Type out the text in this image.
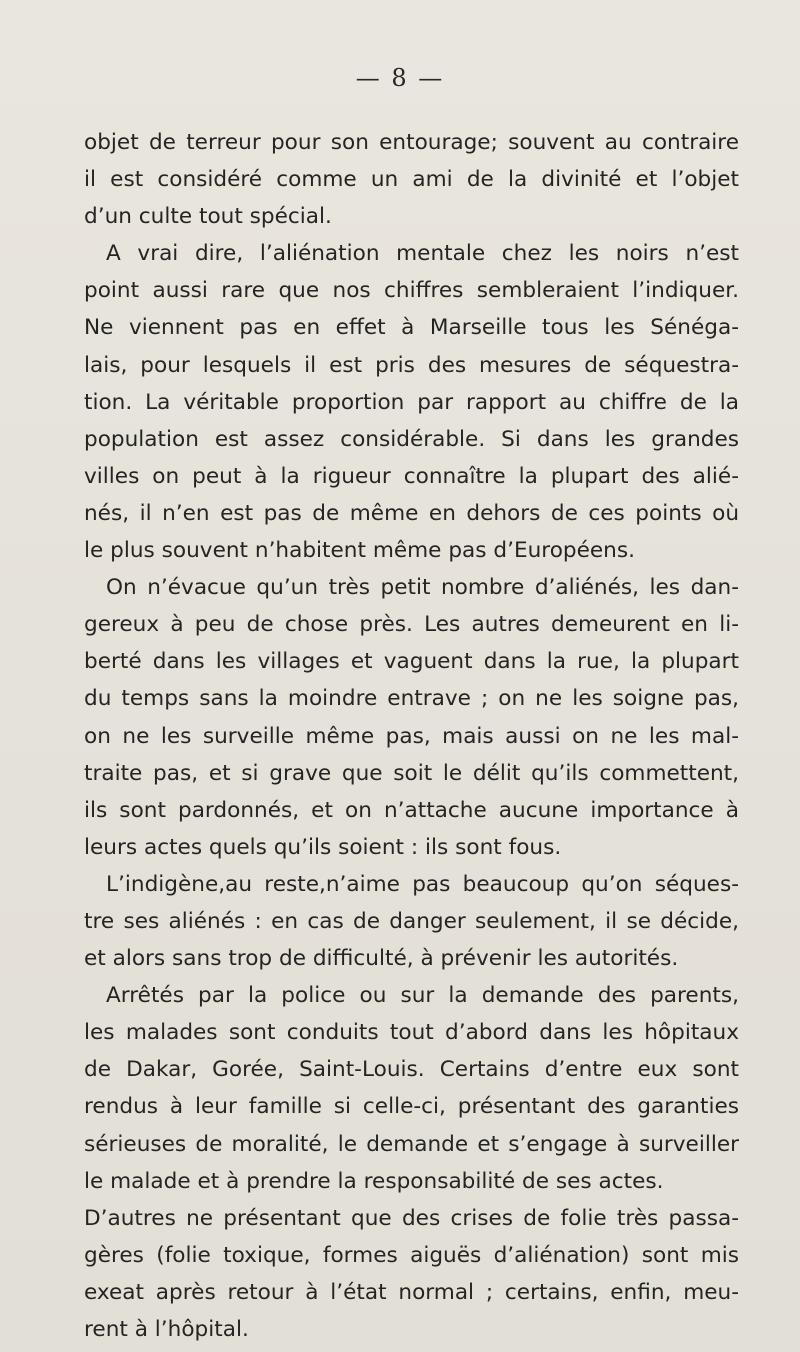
— 8 —
objet de terreur pour son entourage; souvent au contraire
il est considéré comme un ami de la divinité et l’objet
d’un culte tout spécial.
A vrai dire, l’aliénation mentale chez les noirs n’est
point aussi rare que nos chiffres sembleraient l’indiquer.
Ne viennent pas en effet à Marseille tous les Sénéga-
lais, pour lesquels il est pris des mesures de séquestra-
tion. La véritable proportion par rapport au chiffre de la
population est assez considérable. Si dans les grandes
villes on peut à la rigueur connaître la plupart des alié-
nés, il n’en est pas de même en dehors de ces points où
le plus souvent n’habitent même pas d’Européens.
On n’évacue qu’un très petit nombre d’aliénés, les dan-
gereux à peu de chose près. Les autres demeurent en li-
berté dans les villages et vaguent dans la rue, la plupart
du temps sans la moindre entrave ; on ne les soigne pas,
on ne les surveille même pas, mais aussi on ne les mal-
traite pas, et si grave que soit le délit qu’ils commettent,
ils sont pardonnés, et on n’attache aucune importance à
leurs actes quels qu’ils soient : ils sont fous.
L’indigène,au reste,n’aime pas beaucoup qu’on séques-
tre ses aliénés : en cas de danger seulement, il se décide,
et alors sans trop de difficulté, à prévenir les autorités.
Arrêtés par la police ou sur la demande des parents,
les malades sont conduits tout d’abord dans les hôpitaux
de Dakar, Gorée, Saint-Louis. Certains d’entre eux sont
rendus à leur famille si celle-ci, présentant des garanties
sérieuses de moralité, le demande et s’engage à surveiller
le malade et à prendre la responsabilité de ses actes.
D’autres ne présentant que des crises de folie très passa-
gères (folie toxique, formes aiguës d’aliénation) sont mis
exeat après retour à l’état normal ; certains, enfin, meu-
rent à l’hôpital.
